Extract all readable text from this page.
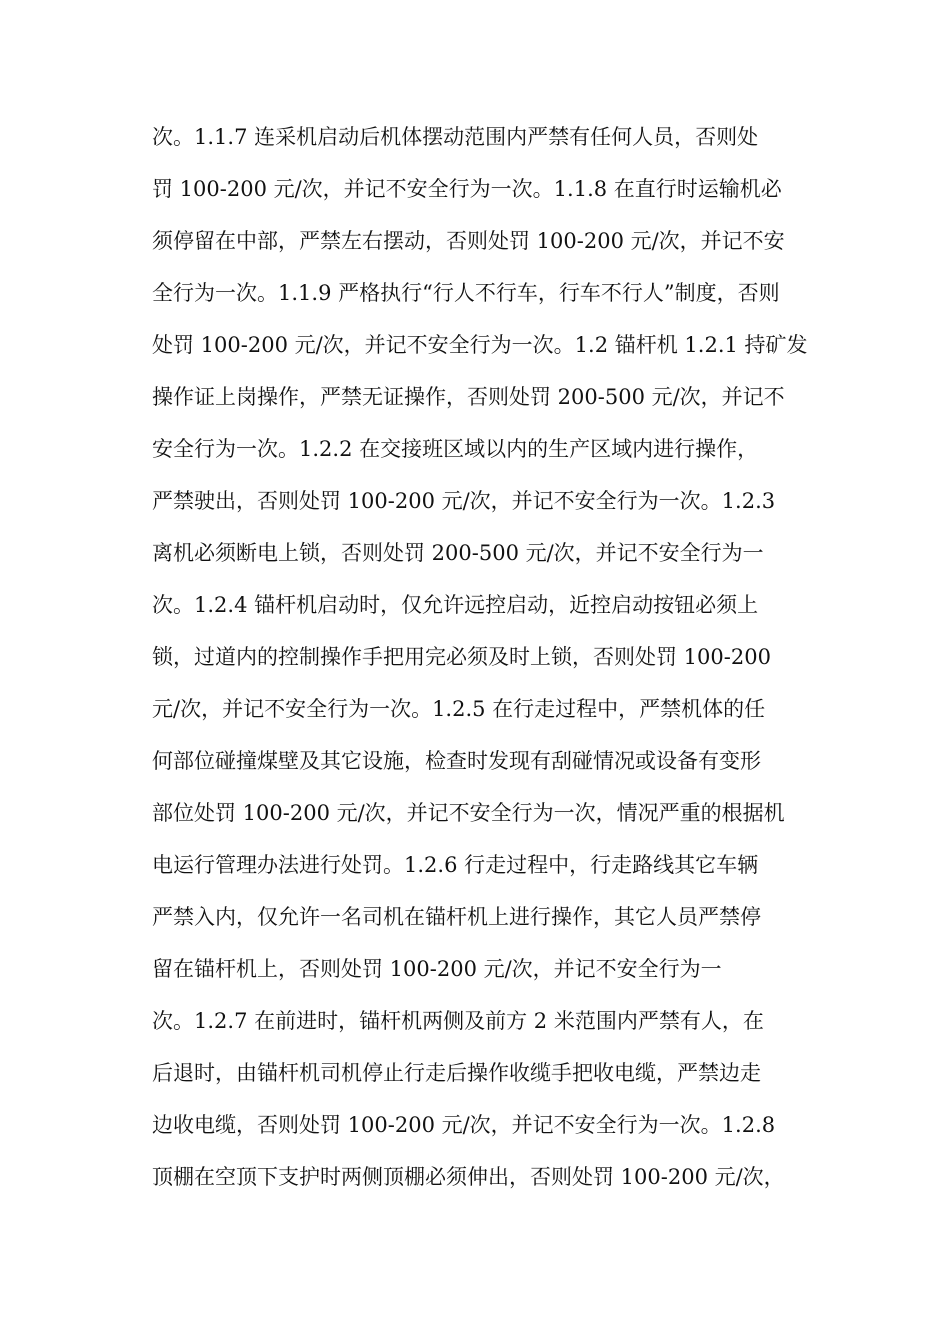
次。1.1.7 连采机启动后机体摆动范围内严禁有任何人员，否则处
罚 100-200 元/次，并记不安全行为一次。1.1.8 在直行时运输机必
须停留在中部，严禁左右摆动，否则处罚 100-200 元/次，并记不安
全行为一次。1.1.9 严格执行“行人不行车，行车不行人”制度，否则
处罚 100-200 元/次，并记不安全行为一次。1.2 锚杆机 1.2.1 持矿发
操作证上岗操作，严禁无证操作，否则处罚 200-500 元/次，并记不
安全行为一次。1.2.2 在交接班区域以内的生产区域内进行操作，
严禁驶出，否则处罚 100-200 元/次，并记不安全行为一次。1.2.3
离机必须断电上锁，否则处罚 200-500 元/次，并记不安全行为一
次。1.2.4 锚杆机启动时，仅允许远控启动，近控启动按钮必须上
锁，过道内的控制操作手把用完必须及时上锁，否则处罚 100-200
元/次，并记不安全行为一次。1.2.5 在行走过程中，严禁机体的任
何部位碰撞煤壁及其它设施，检查时发现有刮碰情况或设备有变形
部位处罚 100-200 元/次，并记不安全行为一次，情况严重的根据机
电运行管理办法进行处罚。1.2.6 行走过程中，行走路线其它车辆
严禁入内，仅允许一名司机在锚杆机上进行操作，其它人员严禁停
留在锚杆机上，否则处罚 100-200 元/次，并记不安全行为一
次。1.2.7 在前进时，锚杆机两侧及前方 2 米范围内严禁有人，在
后退时，由锚杆机司机停止行走后操作收缆手把收电缆，严禁边走
边收电缆，否则处罚 100-200 元/次，并记不安全行为一次。1.2.8
顶棚在空顶下支护时两侧顶棚必须伸出，否则处罚 100-200 元/次，
